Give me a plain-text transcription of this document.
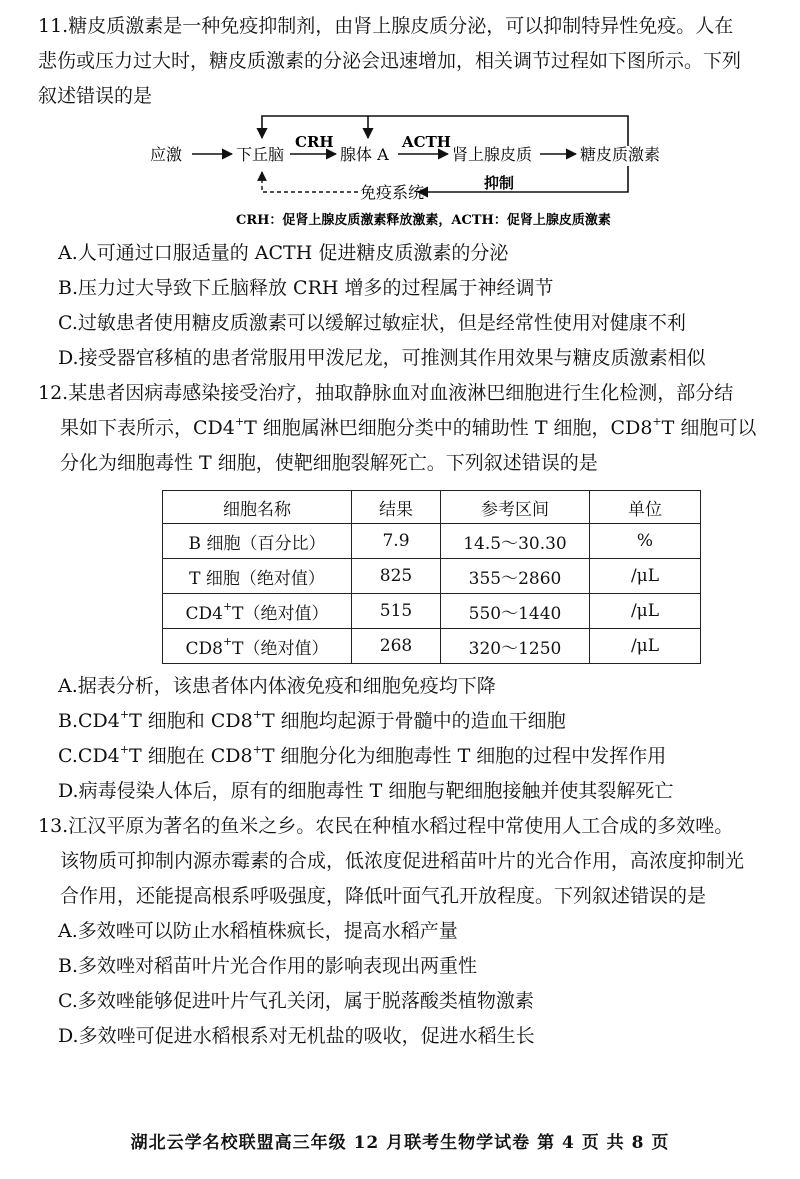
11.糖皮质激素是一种免疫抑制剂，由肾上腺皮质分泌，可以抑制特异性免疫。人在
悲伤或压力过大时，糖皮质激素的分泌会迅速增加，相关调节过程如下图所示。下列
叙述错误的是
应激	下丘脑
CRH
腺体 A
ACTH
肾上腺皮质	糖皮质激素
免疫系统	抑制
CRH：促肾上腺皮质激素释放激素，ACTH：促肾上腺皮质激素
A.人可通过口服适量的 ACTH 促进糖皮质激素的分泌
B.压力过大导致下丘脑释放 CRH 增多的过程属于神经调节
C.过敏患者使用糖皮质激素可以缓解过敏症状，但是经常性使用对健康不利
D.接受器官移植的患者常服用甲泼尼龙，可推测其作用效果与糖皮质激素相似
12.某患者因病毒感染接受治疗，抽取静脉血对血液淋巴细胞进行生化检测，部分结
果如下表所示，CD4+T 细胞属淋巴细胞分类中的辅助性 T 细胞，CD8+T 细胞可以
分化为细胞毒性 T 细胞，使靶细胞裂解死亡。下列叙述错误的是
细胞名称	结果	参考区间	单位
B 细胞（百分比）	7.9	14.5～30.30	%
T 细胞（绝对值）	825	355～2860	/μL
CD4+T（绝对值）	515	550～1440	/μL
CD8+T（绝对值）	268	320～1250	/μL
A.据表分析，该患者体内体液免疫和细胞免疫均下降
B.CD4+T 细胞和 CD8+T 细胞均起源于骨髓中的造血干细胞
C.CD4+T 细胞在 CD8+T 细胞分化为细胞毒性 T 细胞的过程中发挥作用
D.病毒侵染人体后，原有的细胞毒性 T 细胞与靶细胞接触并使其裂解死亡
13.江汉平原为著名的鱼米之乡。农民在种植水稻过程中常使用人工合成的多效唑。
该物质可抑制内源赤霉素的合成，低浓度促进稻苗叶片的光合作用，高浓度抑制光
合作用，还能提高根系呼吸强度，降低叶面气孔开放程度。下列叙述错误的是
A.多效唑可以防止水稻植株疯长，提高水稻产量
B.多效唑对稻苗叶片光合作用的影响表现出两重性
C.多效唑能够促进叶片气孔关闭，属于脱落酸类植物激素
D.多效唑可促进水稻根系对无机盐的吸收，促进水稻生长
湖北云学名校联盟高三年级 12 月联考生物学试卷 第 4 页 共 8 页
